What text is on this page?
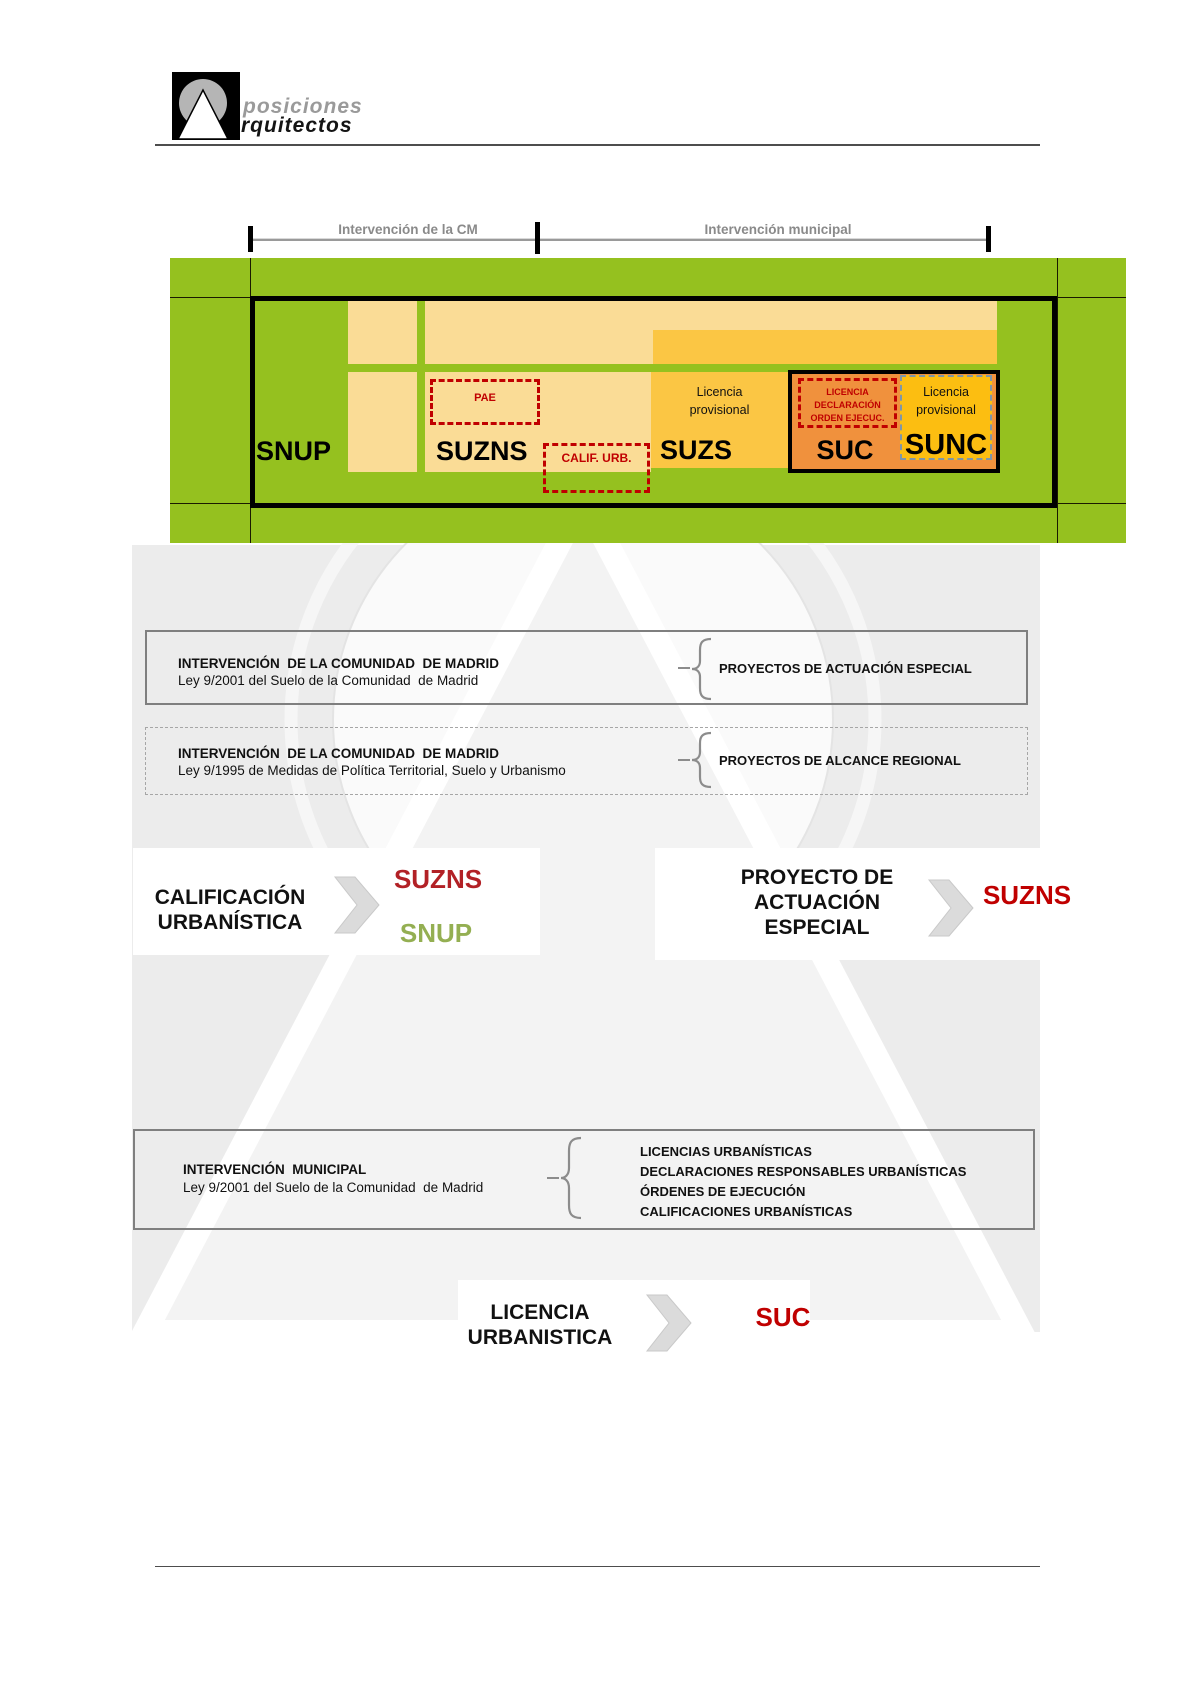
posiciones
rquitectos
Intervención de la CM	Intervención municipal
PAE
CALIF. URB.
LICENCIA
DECLARACIÓN
ORDEN EJECUC.
Licencia
provisional
Licencia
provisional
SNUP	SUZNS	SUZS	SUC SUNC
INTERVENCIÓN  DE LA COMUNIDAD  DE MADRID
Ley 9/2001 del Suelo de la Comunidad  de Madrid
PROYECTOS DE ACTUACIÓN ESPECIAL
INTERVENCIÓN  DE LA COMUNIDAD  DE MADRID
Ley 9/1995 de Medidas de Política Territorial, Suelo y Urbanismo
PROYECTOS DE ALCANCE REGIONAL
CALIFICACIÓN
URBANÍSTICA
SUZNS
SNUP
PROYECTO DE
ACTUACIÓN
ESPECIAL
SUZNS
INTERVENCIÓN  MUNICIPAL
Ley 9/2001 del Suelo de la Comunidad  de Madrid
LICENCIAS URBANÍSTICAS
DECLARACIONES RESPONSABLES URBANÍSTICAS
ÓRDENES DE EJECUCIÓN
CALIFICACIONES URBANÍSTICAS
LICENCIA
URBANISTICA
SUC
